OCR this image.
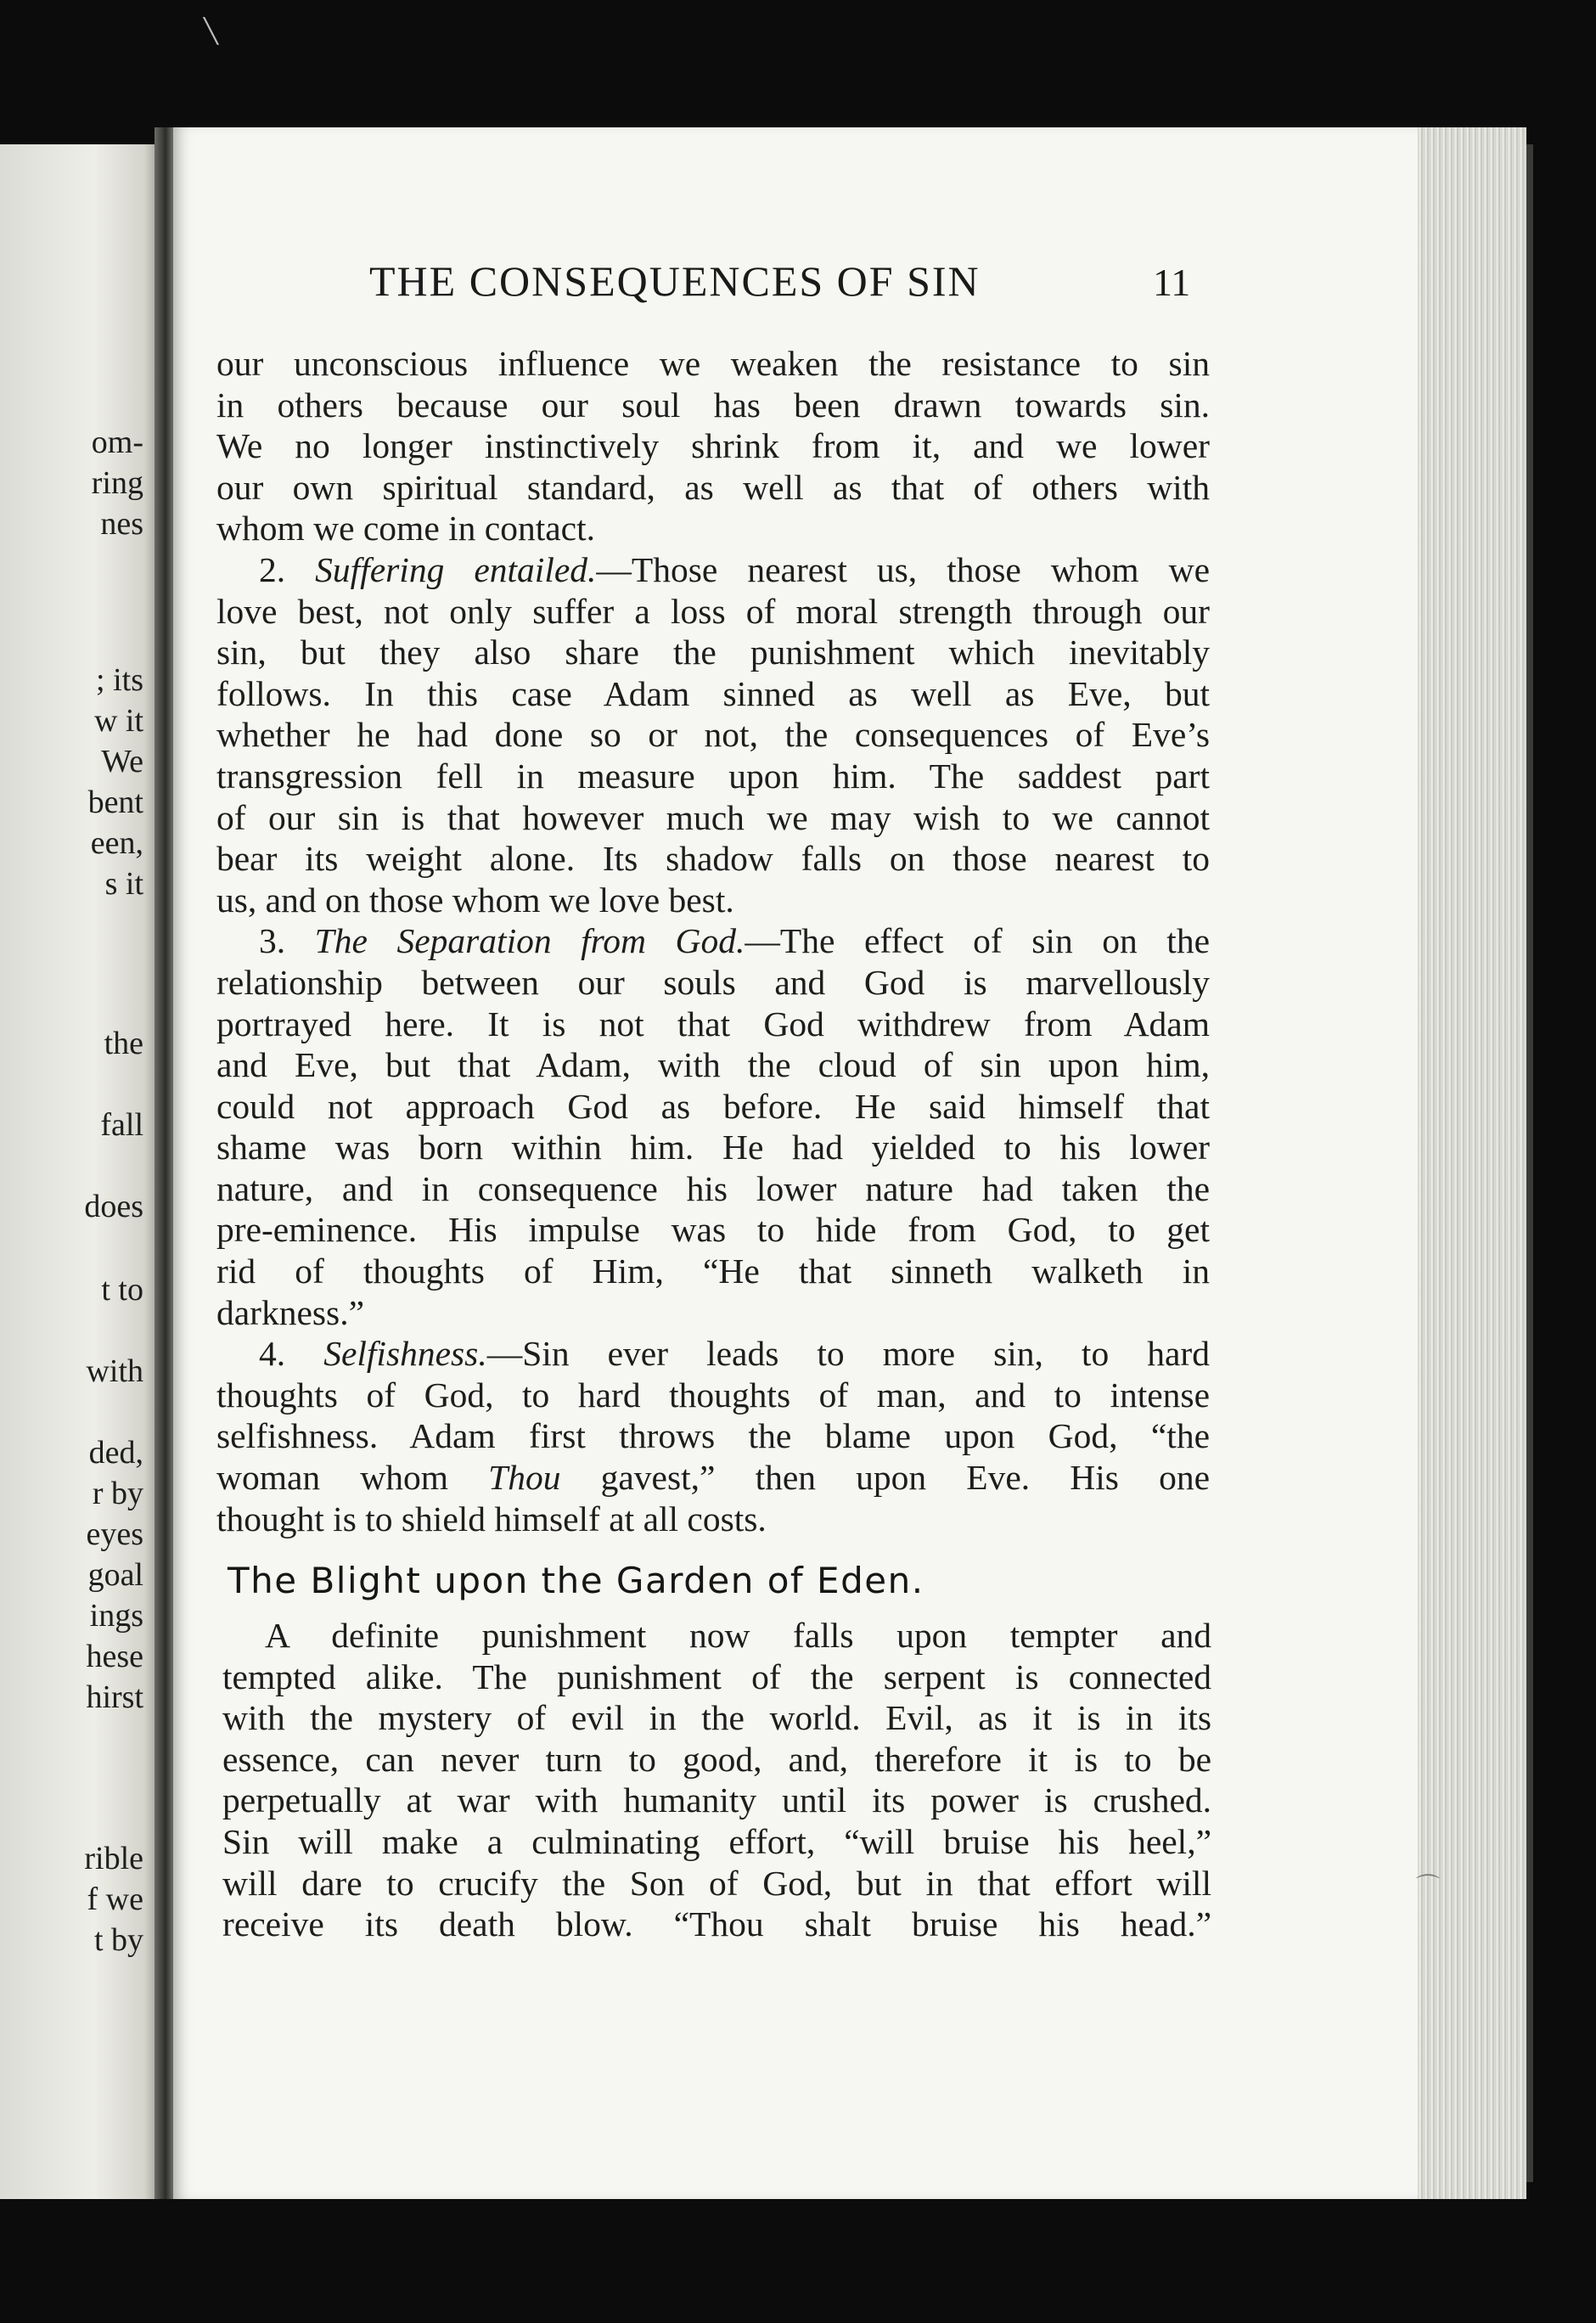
om-
ring
nes
; its
w it
We
bent
een,
s it
the
fall
does
t to
with
ded,
r by
eyes
goal
ings
hese
hirst
rible
f we
t by
THE CONSEQUENCES OF SIN	11
our unconscious influence we weaken the resistance to sin
in others because our soul has been drawn towards sin.
We no longer instinctively shrink from it, and we lower
our own spiritual standard, as well as that of others with
whom we come in contact.
2. Suffering entailed.—Those nearest us, those whom we
love best, not only suffer a loss of moral strength through our
sin, but they also share the punishment which inevitably
follows. In this case Adam sinned as well as Eve, but
whether he had done so or not, the consequences of Eve’s
transgression fell in measure upon him. The saddest part
of our sin is that however much we may wish to we cannot
bear its weight alone. Its shadow falls on those nearest to
us, and on those whom we love best.
3. The Separation from God.—The effect of sin on the
relationship between our souls and God is marvellously
portrayed here. It is not that God withdrew from Adam
and Eve, but that Adam, with the cloud of sin upon him,
could not approach God as before. He said himself that
shame was born within him. He had yielded to his lower
nature, and in consequence his lower nature had taken the
pre-eminence. His impulse was to hide from God, to get
rid of thoughts of Him, “He that sinneth walketh in
darkness.”
4. Selfishness.—Sin ever leads to more sin, to hard
thoughts of God, to hard thoughts of man, and to intense
selfishness. Adam first throws the blame upon God, “the
woman whom Thou gavest,” then upon Eve. His one
thought is to shield himself at all costs.
The Blight upon the Garden of Eden.
A definite punishment now falls upon tempter and
tempted alike. The punishment of the serpent is connected
with the mystery of evil in the world. Evil, as it is in its
essence, can never turn to good, and, therefore it is to be
perpetually at war with humanity until its power is crushed.
Sin will make a culminating effort, “will bruise his heel,”
will dare to crucify the Son of God, but in that effort will
receive its death blow. “Thou shalt bruise his head.”
╲
⌒
